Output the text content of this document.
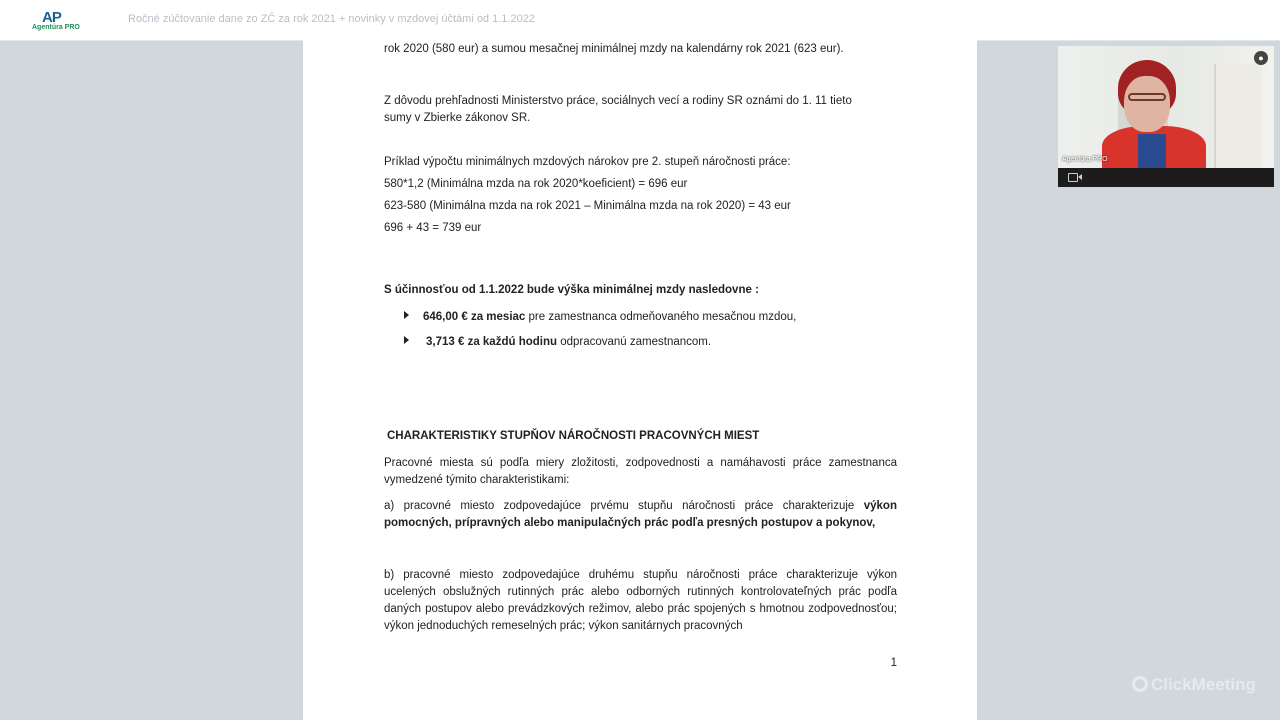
AP
Agentúra PRO
Ročné zúčtovanie dane zo ZČ za rok 2021 + novinky v mzdovej účtámi od 1.1.2022
rok 2020 (580 eur) a sumou mesačnej minimálnej mzdy na kalendárny rok 2021 (623 eur).
Z dôvodu prehľadnosti Ministerstvo práce, sociálnych vecí a rodiny SR oznámi do 1. 11 tieto
sumy v Zbierke zákonov SR.
Príklad výpočtu minimálnych mzdových nárokov pre 2. stupeň náročnosti práce:
580*1,2 (Minimálna mzda na rok 2020*koeficient) = 696 eur
623-580 (Minimálna mzda na rok 2021 – Minimálna mzda na rok 2020) = 43 eur
696 + 43 = 739 eur
S účinnosťou od 1.1.2022 bude výška minimálnej mzdy nasledovne :
646,00 € za mesiac pre zamestnanca odmeňovaného mesačnou mzdou,
3,713 € za každú hodinu odpracovanú zamestnancom.
CHARAKTERISTIKY STUPŇOV NÁROČNOSTI PRACOVNÝCH MIEST
Pracovné miesta sú podľa miery zložitosti, zodpovednosti a namáhavosti práce zamestnanca vymedzené týmito charakteristikami:
a) pracovné miesto zodpovedajúce prvému stupňu náročnosti práce charakterizuje výkon pomocných, prípravných alebo manipulačných prác podľa presných postupov a pokynov,
b) pracovné miesto zodpovedajúce druhému stupňu náročnosti práce charakterizuje výkon ucelených obslužných rutinných prác alebo odborných rutinných kontrolovateľných prác podľa daných postupov alebo prevádzkových režimov, alebo prác spojených s hmotnou zodpovednosťou; výkon jednoduchých remeselných prác; výkon sanitárnych pracovných
1
●
Agentúra PRO
ClickMeeting
